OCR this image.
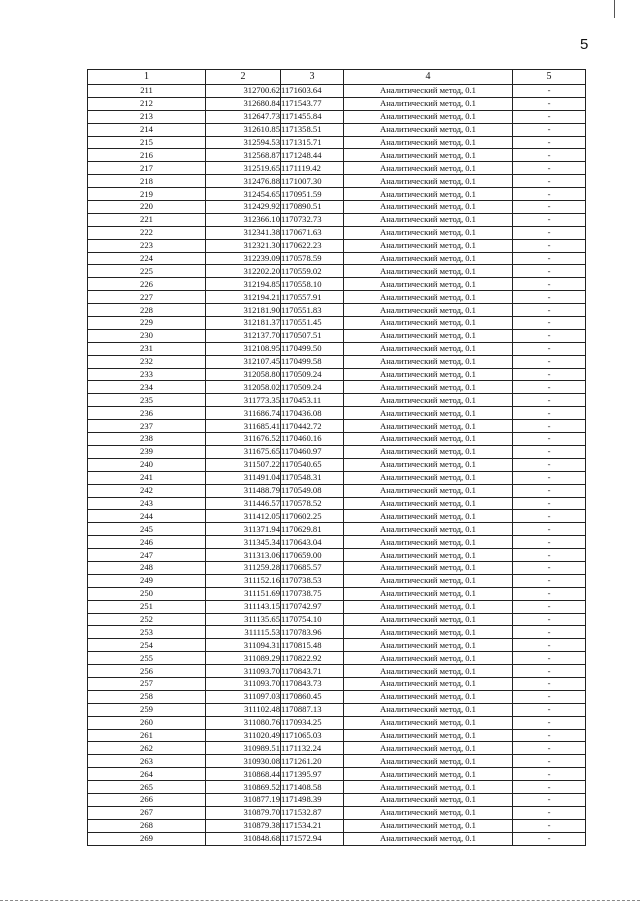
5
1	2	3	4	5
211	312700.62	1171603.64	Аналитический метод, 0.1	-
212	312680.84	1171543.77	Аналитический метод, 0.1	-
213	312647.73	1171455.84	Аналитический метод, 0.1	-
214	312610.85	1171358.51	Аналитический метод, 0.1	-
215	312594.53	1171315.71	Аналитический метод, 0.1	-
216	312568.87	1171248.44	Аналитический метод, 0.1	-
217	312519.65	1171119.42	Аналитический метод, 0.1	-
218	312476.88	1171007.30	Аналитический метод, 0.1	-
219	312454.65	1170951.59	Аналитический метод, 0.1	-
220	312429.92	1170890.51	Аналитический метод, 0.1	-
221	312366.10	1170732.73	Аналитический метод, 0.1	-
222	312341.38	1170671.63	Аналитический метод, 0.1	-
223	312321.30	1170622.23	Аналитический метод, 0.1	-
224	312239.09	1170578.59	Аналитический метод, 0.1	-
225	312202.20	1170559.02	Аналитический метод, 0.1	-
226	312194.85	1170558.10	Аналитический метод, 0.1	-
227	312194.21	1170557.91	Аналитический метод, 0.1	-
228	312181.90	1170551.83	Аналитический метод, 0.1	-
229	312181.37	1170551.45	Аналитический метод, 0.1	-
230	312137.70	1170507.51	Аналитический метод, 0.1	-
231	312108.95	1170499.50	Аналитический метод, 0.1	-
232	312107.45	1170499.58	Аналитический метод, 0.1	-
233	312058.80	1170509.24	Аналитический метод, 0.1	-
234	312058.02	1170509.24	Аналитический метод, 0.1	-
235	311773.35	1170453.11	Аналитический метод, 0.1	-
236	311686.74	1170436.08	Аналитический метод, 0.1	-
237	311685.41	1170442.72	Аналитический метод, 0.1	-
238	311676.52	1170460.16	Аналитический метод, 0.1	-
239	311675.65	1170460.97	Аналитический метод, 0.1	-
240	311507.22	1170540.65	Аналитический метод, 0.1	-
241	311491.04	1170548.31	Аналитический метод, 0.1	-
242	311488.79	1170549.08	Аналитический метод, 0.1	-
243	311446.57	1170578.52	Аналитический метод, 0.1	-
244	311412.05	1170602.25	Аналитический метод, 0.1	-
245	311371.94	1170629.81	Аналитический метод, 0.1	-
246	311345.34	1170643.04	Аналитический метод, 0.1	-
247	311313.06	1170659.00	Аналитический метод, 0.1	-
248	311259.28	1170685.57	Аналитический метод, 0.1	-
249	311152.16	1170738.53	Аналитический метод, 0.1	-
250	311151.69	1170738.75	Аналитический метод, 0.1	-
251	311143.15	1170742.97	Аналитический метод, 0.1	-
252	311135.65	1170754.10	Аналитический метод, 0.1	-
253	311115.53	1170783.96	Аналитический метод, 0.1	-
254	311094.31	1170815.48	Аналитический метод, 0.1	-
255	311089.29	1170822.92	Аналитический метод, 0.1	-
256	311093.70	1170843.71	Аналитический метод, 0.1	-
257	311093.70	1170843.73	Аналитический метод, 0.1	-
258	311097.03	1170860.45	Аналитический метод, 0.1	-
259	311102.48	1170887.13	Аналитический метод, 0.1	-
260	311080.76	1170934.25	Аналитический метод, 0.1	-
261	311020.49	1171065.03	Аналитический метод, 0.1	-
262	310989.51	1171132.24	Аналитический метод, 0.1	-
263	310930.08	1171261.20	Аналитический метод, 0.1	-
264	310868.44	1171395.97	Аналитический метод, 0.1	-
265	310869.52	1171408.58	Аналитический метод, 0.1	-
266	310877.19	1171498.39	Аналитический метод, 0.1	-
267	310879.70	1171532.87	Аналитический метод, 0.1	-
268	310879.38	1171534.21	Аналитический метод, 0.1	-
269	310848.68	1171572.94	Аналитический метод, 0.1	-
